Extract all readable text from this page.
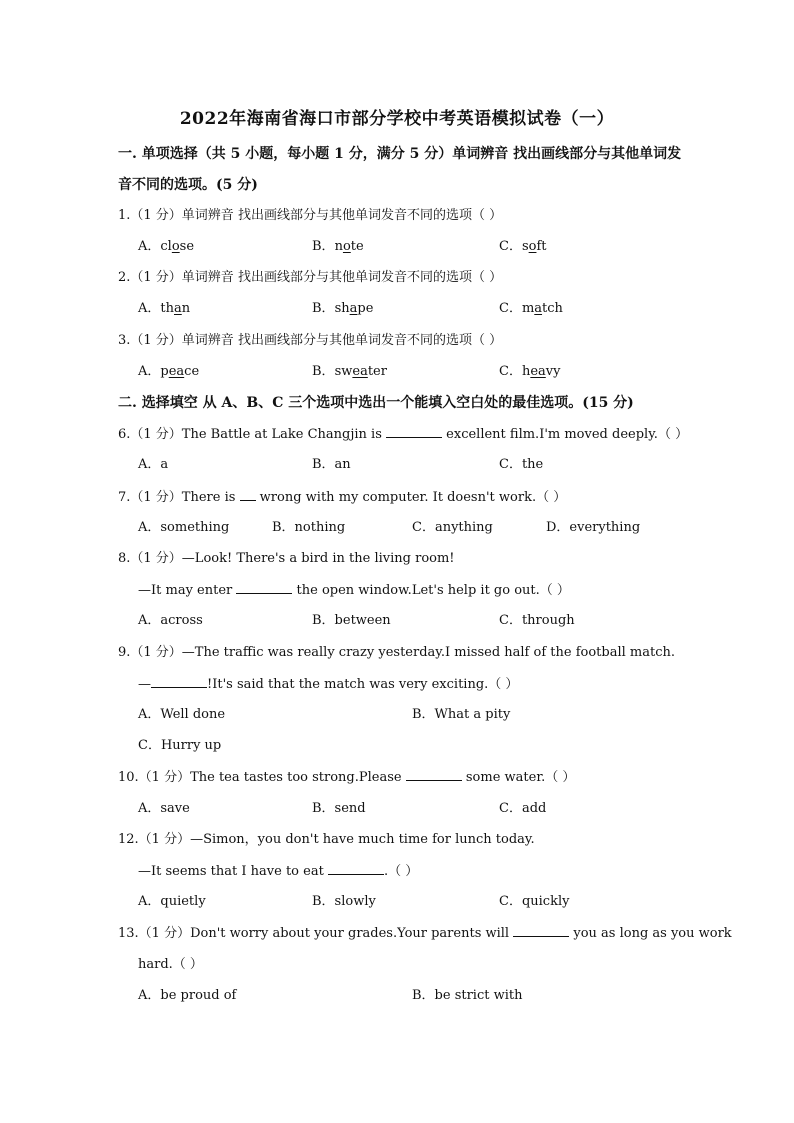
2022年海南省海口市部分学校中考英语模拟试卷（一）
一. 单项选择（共 5 小题，每小题 1 分，满分 5 分）单词辨音 找出画线部分与其他单词发
音不同的选项。(5 分)
1.（1 分）单词辨音 找出画线部分与其他单词发音不同的选项（ ）
A．close	B．note	C．soft
2.（1 分）单词辨音 找出画线部分与其他单词发音不同的选项（ ）
A．than	B．shape	C．match
3.（1 分）单词辨音 找出画线部分与其他单词发音不同的选项（ ）
A．peace	B．sweater	C．heavy
二. 选择填空 从 A、B、C 三个选项中选出一个能填入空白处的最佳选项。(15 分)
6.（1 分）The Battle at Lake Changjin is	excellent film.I'm moved deeply.（ ）
A．a	B．an	C．the
7.（1 分）There is  wrong with my computer. It doesn't work.（ ）
A．something	B．nothing	C．anything	D．everything
8.（1 分）—Look! There's a bird in the living room!
—It may enter	the open window.Let's help it go out.（ ）
A．across	B．between	C．through
9.（1 分）—The traffic was really crazy yesterday.I missed half of the football match.
—	!It's said that the match was very exciting.（ ）
A．Well done	B．What a pity
C．Hurry up
10.（1 分）The tea tastes too strong.Please	some water.（ ）
A．save	B．send	C．add
12.（1 分）—Simon，you don't have much time for lunch today.
—It seems that I have to eat	.（ ）
A．quietly	B．slowly	C．quickly
13.（1 分）Don't worry about your grades.Your parents will	you as long as you work
hard.（ ）
A．be proud of	B．be strict with
